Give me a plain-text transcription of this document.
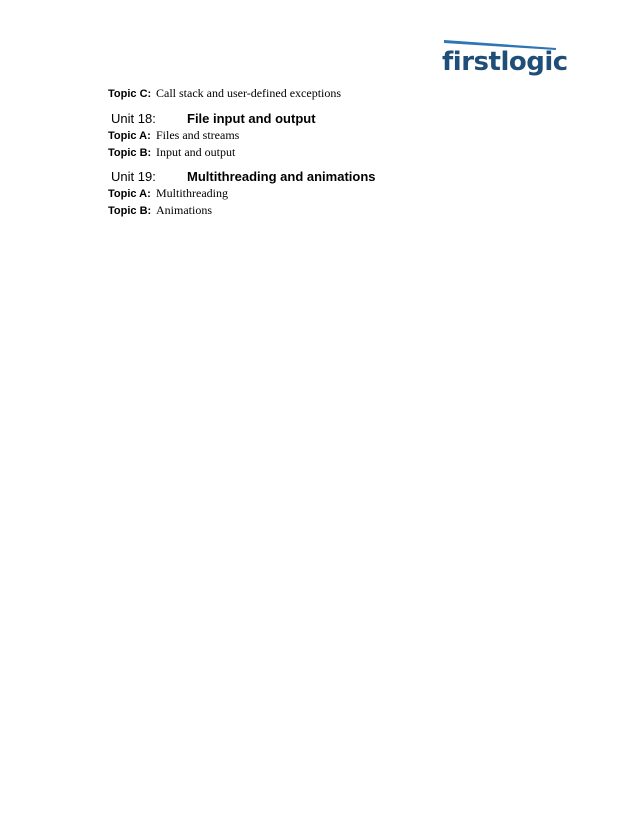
firstlogic
Topic C: Call stack and user-defined exceptions
Unit 18: File input and output
Topic A: Files and streams
Topic B: Input and output
Unit 19: Multithreading and animations
Topic A: Multithreading
Topic B: Animations
